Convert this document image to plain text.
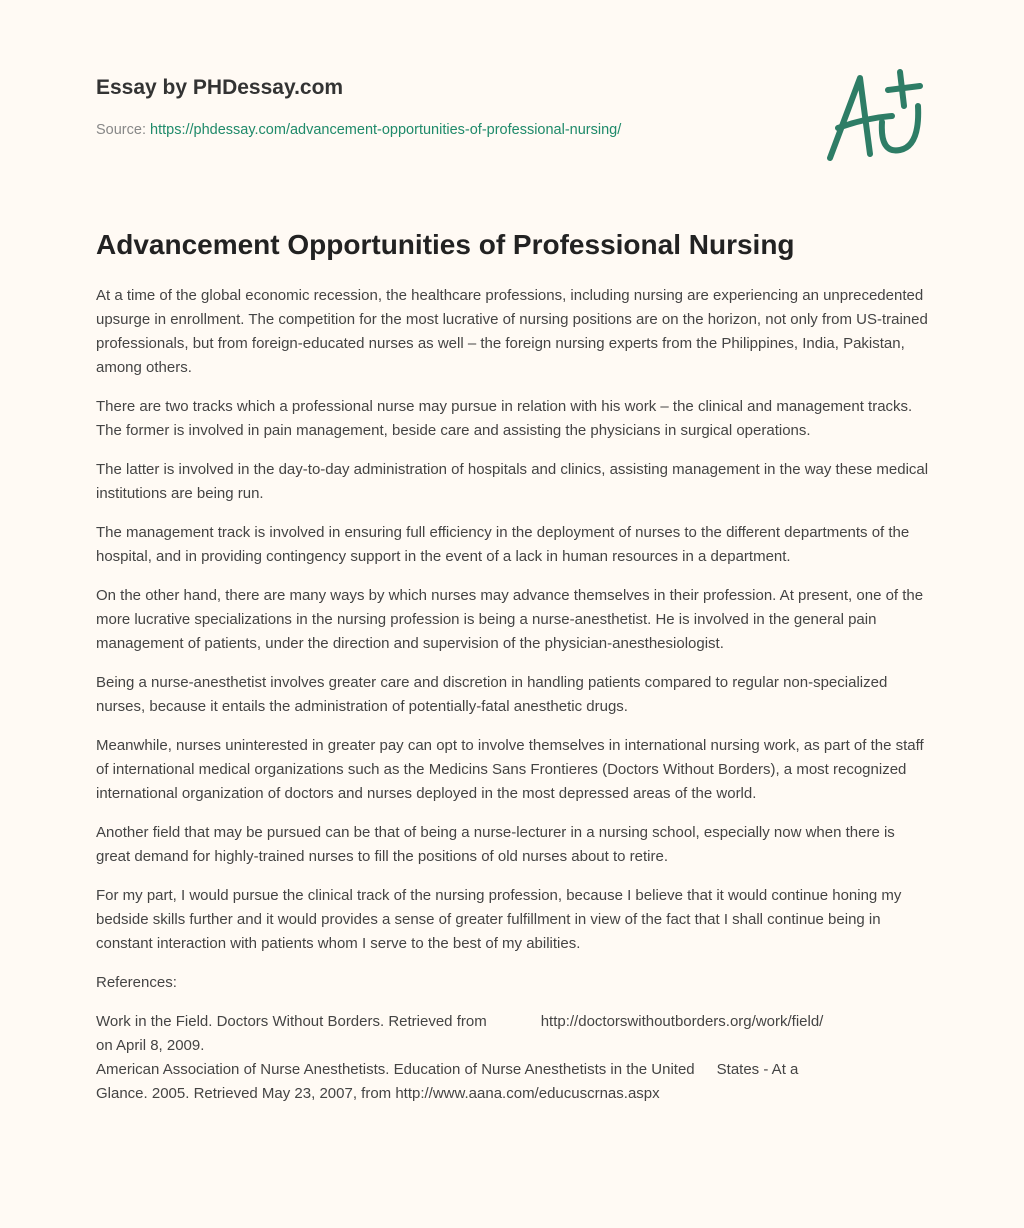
Essay by PHDessay.com
Source: https://phdessay.com/advancement-opportunities-of-professional-nursing/
Advancement Opportunities of Professional Nursing

At a time of the global economic recession, the healthcare professions, including nursing are experiencing an unprecedented upsurge in enrollment. The competition for the most lucrative of nursing positions are on the horizon, not only from US-trained professionals, but from foreign-educated nurses as well – the foreign nursing experts from the Philippines, India, Pakistan, among others.

There are two tracks which a professional nurse may pursue in relation with his work – the clinical and management tracks. The former is involved in pain management, beside care and assisting the physicians in surgical operations.

The latter is involved in the day-to-day administration of hospitals and clinics, assisting management in the way these medical institutions are being run.

The management track is involved in ensuring full efficiency in the deployment of nurses to the different departments of the hospital, and in providing contingency support in the event of a lack in human resources in a department.

On the other hand, there are many ways by which nurses may advance themselves in their profession. At present, one of the more lucrative specializations in the nursing profession is being a nurse-anesthetist. He is involved in the general pain management of patients, under the direction and supervision of the physician-anesthesiologist.

Being a nurse-anesthetist involves greater care and discretion in handling patients compared to regular non-specialized nurses, because it entails the administration of potentially-fatal anesthetic drugs.

Meanwhile, nurses uninterested in greater pay can opt to involve themselves in international nursing work, as part of the staff of international medical organizations such as the Medicins Sans Frontieres (Doctors Without Borders), a most recognized international organization of doctors and nurses deployed in the most depressed areas of the world.

Another field that may be pursued can be that of being a nurse-lecturer in a nursing school, especially now when there is great demand for highly-trained nurses to fill the positions of old nurses about to retire.

For my part, I would pursue the clinical track of the nursing profession, because I believe that it would continue honing my bedside skills further and it would provides a sense of greater fulfillment in view of the fact that I shall continue being in constant interaction with patients whom I serve to the best of my abilities.

References:

Work in the Field. Doctors Without Borders. Retrieved from	http://doctorswithoutborders.org/work/field/
on April 8, 2009.

American Association of Nurse Anesthetists. Education of Nurse Anesthetists in the United States - At a
Glance. 2005. Retrieved May 23, 2007, from http://www.aana.com/educuscrnas.aspx
